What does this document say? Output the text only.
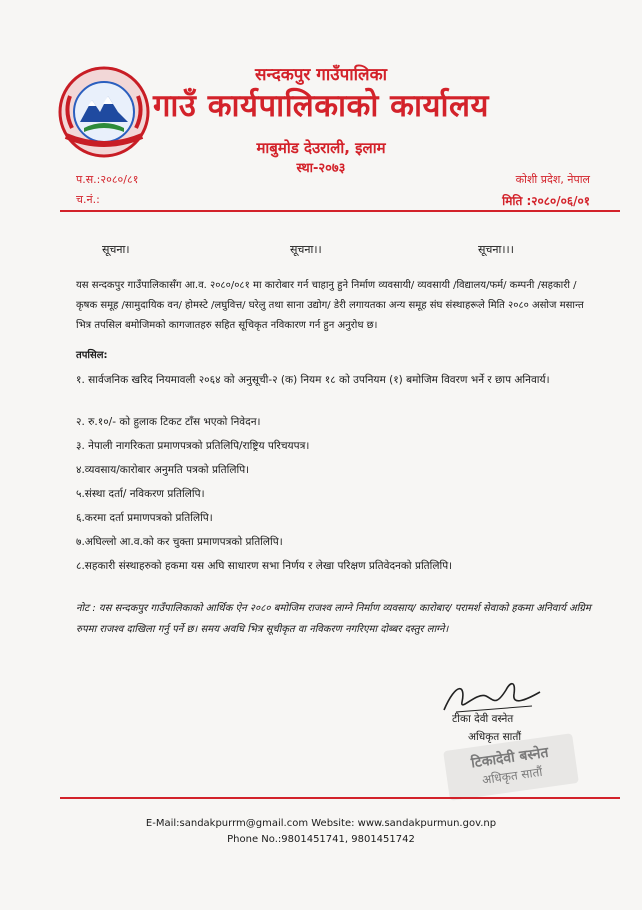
सन्दकपुर गाउँपालिका
गाउँ कार्यपालिकाको कार्यालय
माबुमोड देउराली, इलाम
स्था-२०७३
प.स.:२०८०/८१
च.नं.:
कोशी प्रदेश, नेपाल
मिति :२०८०/०६/०१
सूचना।	सूचना।।	सूचना।।।
यस सन्दकपुर गाउँपालिकासँग आ.व. २०८०/०८१ मा कारोबार गर्न चाहानु हुने निर्माण व्यवसायी/ व्यवसायी /विद्यालय/फर्म/ कम्पनी /सहकारी /कृषक समूह /सामुदायिक वन/ होमस्टे /लघुवित्त/ घरेलु तथा साना उद्योग/ डेरी लगायतका अन्य समूह संघ संस्थाहरूले मिति २०८० असोज मसान्त भित्र तपसिल बमोजिमको कागजातहरु सहित सूचिकृत नविकारण गर्न हुन अनुरोध छ।
तपसिल:
१. सार्वजनिक खरिद नियमावली २०६४ को अनुसूची-२ (क) नियम १८ को उपनियम (१) बमोजिम विवरण भर्ने र छाप अनिवार्य।
२. रु.१०/- को हुलाक टिकट टाँस भएको निवेदन।
३. नेपाली नागरिकता प्रमाणपत्रको प्रतिलिपि/राष्ट्रिय परिचयपत्र।
४.व्यवसाय/कारोबार अनुमति पत्रको प्रतिलिपि।
५.संस्था दर्ता/ नविकरण प्रतिलिपि।
६.करमा दर्ता प्रमाणपत्रको प्रतिलिपि।
७.अघिल्लो आ.व.को कर चुक्ता प्रमाणपत्रको प्रतिलिपि।
८.सहकारी संस्थाहरुको हकमा यस अघि साधारण सभा निर्णय र लेखा परिक्षण प्रतिवेदनको प्रतिलिपि।
नोट : यस सन्दकपुर गाउँपालिकाको आर्थिक ऐन २०८० बमोजिम राजश्व लाग्ने निर्माण व्यवसाय/ कारोबार/ परामर्श सेवाको हकमा अनिवार्य अग्रिम रुपमा राजश्व दाखिला गर्नु पर्ने छ। समय अवधि भित्र सूचीकृत वा नविकरण नगरिएमा दोब्बर दस्तुर लाग्ने।
टीका देवी वस्नेत
अधिकृत सातौं
टिकादेवी बस्नेत
अधिकृत सातौं
E-Mail:sandakpurrm@gmail.com Website: www.sandakpurmun.gov.np
Phone No.:9801451741, 9801451742
